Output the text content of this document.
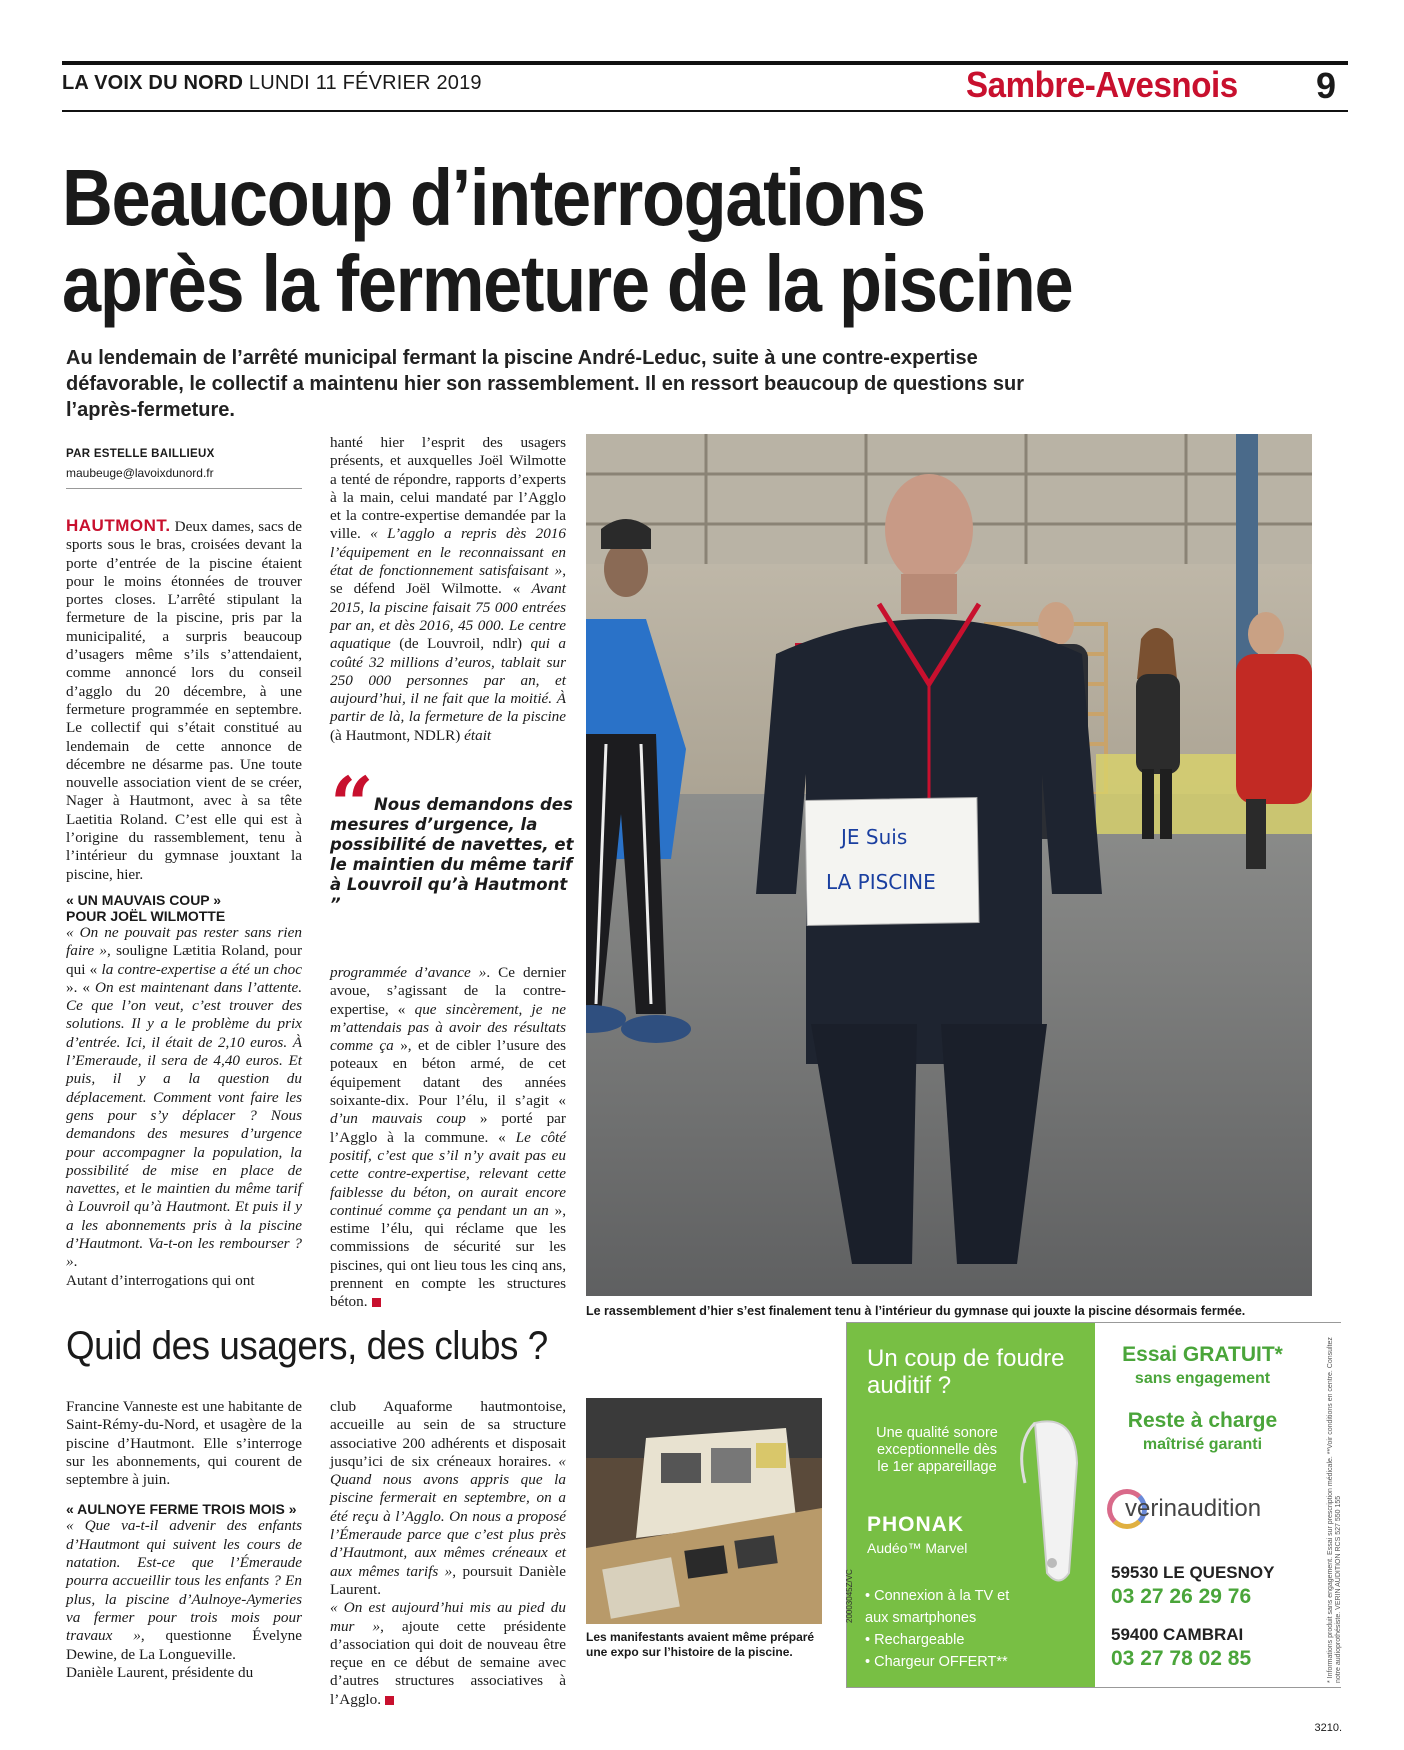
LA VOIX DU NORD LUNDI 11 FÉVRIER 2019	Sambre-Avesnois 9
Beaucoup d’interrogations
après la fermeture de la piscine
Au lendemain de l’arrêté municipal fermant la piscine André-Leduc, suite à une contre-expertise défavorable, le collectif a maintenu hier son rassemblement. Il en ressort beaucoup de questions sur l’après-fermeture.
PAR ESTELLE BAILLIEUX
maubeuge@lavoixdunord.fr

HAUTMONT. Deux dames, sacs de sports sous le bras, croisées devant la porte d’entrée de la piscine étaient pour le moins étonnées de trouver portes closes. L’arrêté stipulant la fermeture de la piscine, pris par la municipalité, a surpris beaucoup d’usagers même s’ils s’attendaient, comme annoncé lors du conseil d’agglo du 20 décembre, à une fermeture programmée en septembre. Le collectif qui s’était constitué au lendemain de cette annonce de décembre ne désarme pas. Une toute nouvelle association vient de se créer, Nager à Hautmont, avec à sa tête Laetitia Roland. C’est elle qui est à l’origine du rassemblement, tenu à l’intérieur du gymnase jouxtant la piscine, hier.

« UN MAUVAIS COUP »
POUR JOËL WILMOTTE

« On ne pouvait pas rester sans rien faire », souligne Lætitia Roland, pour qui « la contre-expertise a été un choc ». « On est maintenant dans l’attente. Ce que l’on veut, c’est trouver des solutions. Il y a le problème du prix d’entrée. Ici, il était de 2,10 euros. À l’Emeraude, il sera de 4,40 euros. Et puis, il y a la question du déplacement. Comment vont faire les gens pour s’y déplacer ? Nous demandons des mesures d’urgence pour accompagner la population, la possibilité de mise en place de navettes, et le maintien du même tarif à Louvroil qu’à Hautmont. Et puis il y a les abonnements pris à la piscine d’Hautmont. Va-t-on les rembourser ? ».

Autant d’interrogations qui ont

hanté hier l’esprit des usagers présents, et auxquelles Joël Wilmotte a tenté de répondre, rapports d’experts à la main, celui mandaté par l’Agglo et la contre-expertise demandée par la ville. « L’agglo a repris dès 2016 l’équipement en le reconnaissant en état de fonctionnement satisfaisant », se défend Joël Wilmotte. « Avant 2015, la piscine faisait 75 000 entrées par an, et dès 2016, 45 000. Le centre aquatique (de Louvroil, ndlr) qui a coûté 32 millions d’euros, tablait sur 250 000 personnes par an, et aujourd’hui, il ne fait que la moitié. À partir de là, la fermeture de la piscine (à Hautmont, NDLR) était

“ Nous demandons des mesures d’urgence, la possibilité de navettes, et le maintien du même tarif à Louvroil qu’à Hautmont ”

programmée d’avance ». Ce dernier avoue, s’agissant de la contre-expertise, « que sincèrement, je ne m’attendais pas à avoir des résultats comme ça », et de cibler l’usure des poteaux en béton armé, de cet équipement datant des années soixante-dix. Pour l’élu, il s’agit « d’un mauvais coup » porté par l’Agglo à la commune. « Le côté positif, c’est que s’il n’y avait pas eu cette contre-expertise, relevant cette faiblesse du béton, on aurait encore continué comme ça pendant un an », estime l’élu, qui réclame que les commissions de sécurité sur les piscines, qui ont lieu tous les cinq ans, prennent en compte les structures béton.

JE Suis
LA PISCINE
Le rassemblement d’hier s’est finalement tenu à l’intérieur du gymnase qui jouxte la piscine désormais fermée.
Quid des usagers, des clubs ?

Francine Vanneste est une habitante de Saint-Rémy-du-Nord, et usagère de la piscine d’Hautmont. Elle s’interroge sur les abonnements, qui courent de septembre à juin.

« AULNOYE FERME TROIS MOIS »

« Que va-t-il advenir des enfants d’Hautmont qui suivent les cours de natation. Est-ce que l’Émeraude pourra accueillir tous les enfants ? En plus, la piscine d’Aulnoye-Aymeries va fermer pour trois mois pour travaux », questionne Évelyne Dewine, de La Longueville.

Danièle Laurent, présidente du

club Aquaforme hautmontoise, accueille au sein de sa structure associative 200 adhérents et disposait jusqu’ici de six créneaux horaires. « Quand nous avons appris que la piscine fermerait en septembre, on a été reçu à l’Agglo. On nous a proposé l’Émeraude parce que c’est plus près d’Hautmont, aux mêmes créneaux et aux mêmes tarifs », poursuit Danièle Laurent.

« On est aujourd’hui mis au pied du mur », ajoute cette présidente d’association qui doit de nouveau être reçue en ce début de semaine avec d’autres structures associatives à l’Agglo.

Les manifestants avaient même préparé une expo sur l’histoire de la piscine.
Un coup de foudre auditif ?
Une qualité sonore
exceptionnelle dès
le 1er appareillage
PHONAK
Audéo™ Marvel
• Connexion à la TV et aux smartphones
• Rechargeable
• Chargeur OFFERT**
20003045Z/VC
Essai GRATUIT*
sans engagement
Reste à charge
maîtrisé garanti
verinaudition
59530 LE QUESNOY
03 27 26 29 76
59400 CAMBRAI
03 27 78 02 85	* Informations produit sans engagement. Essai sur prescription médicale. **Voir conditions en centre. Consultez notre audioprothésiste. VERIN AUDITION RCS 527 550 155
3210.
